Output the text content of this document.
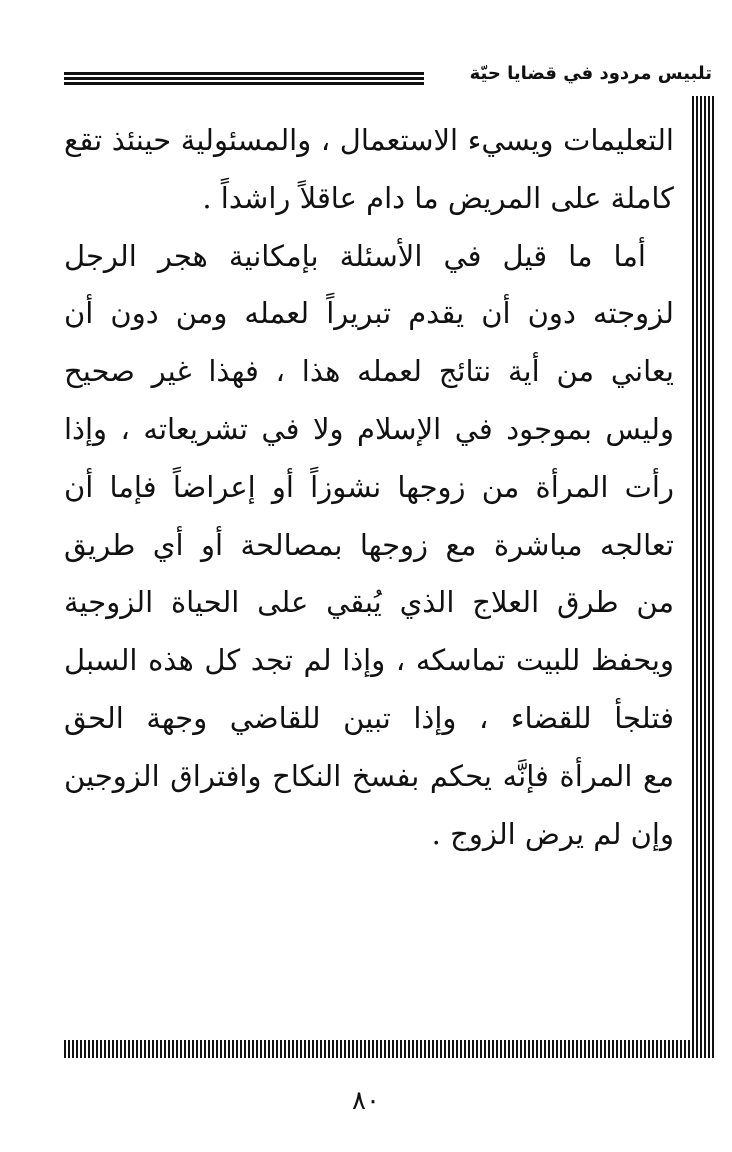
تلبيس مردود في قضايا حيّة
التعليمات ويسيء الاستعمال ، والمسئولية حينئذ تقع
كاملة على المريض ما دام عاقلاً راشداً .
أما ما قيل في الأسئلة بإمكانية هجر الرجل
لزوجته دون أن يقدم تبريراً لعمله ومن دون أن
يعاني من أية نتائج لعمله هذا ، فهذا غير صحيح
وليس بموجود في الإسلام ولا في تشريعاته ، وإذا
رأت المرأة من زوجها نشوزاً أو إعراضاً فإما أن
تعالجه مباشرة مع زوجها بمصالحة أو أي طريق
من طرق العلاج الذي يُبقي على الحياة الزوجية
ويحفظ للبيت تماسكه ، وإذا لم تجد كل هذه السبل
فتلجأ للقضاء ، وإذا تبين للقاضي وجهة الحق
مع المرأة فإنَّه يحكم بفسخ النكاح وافتراق الزوجين
وإن لم يرض الزوج .
٨٠
